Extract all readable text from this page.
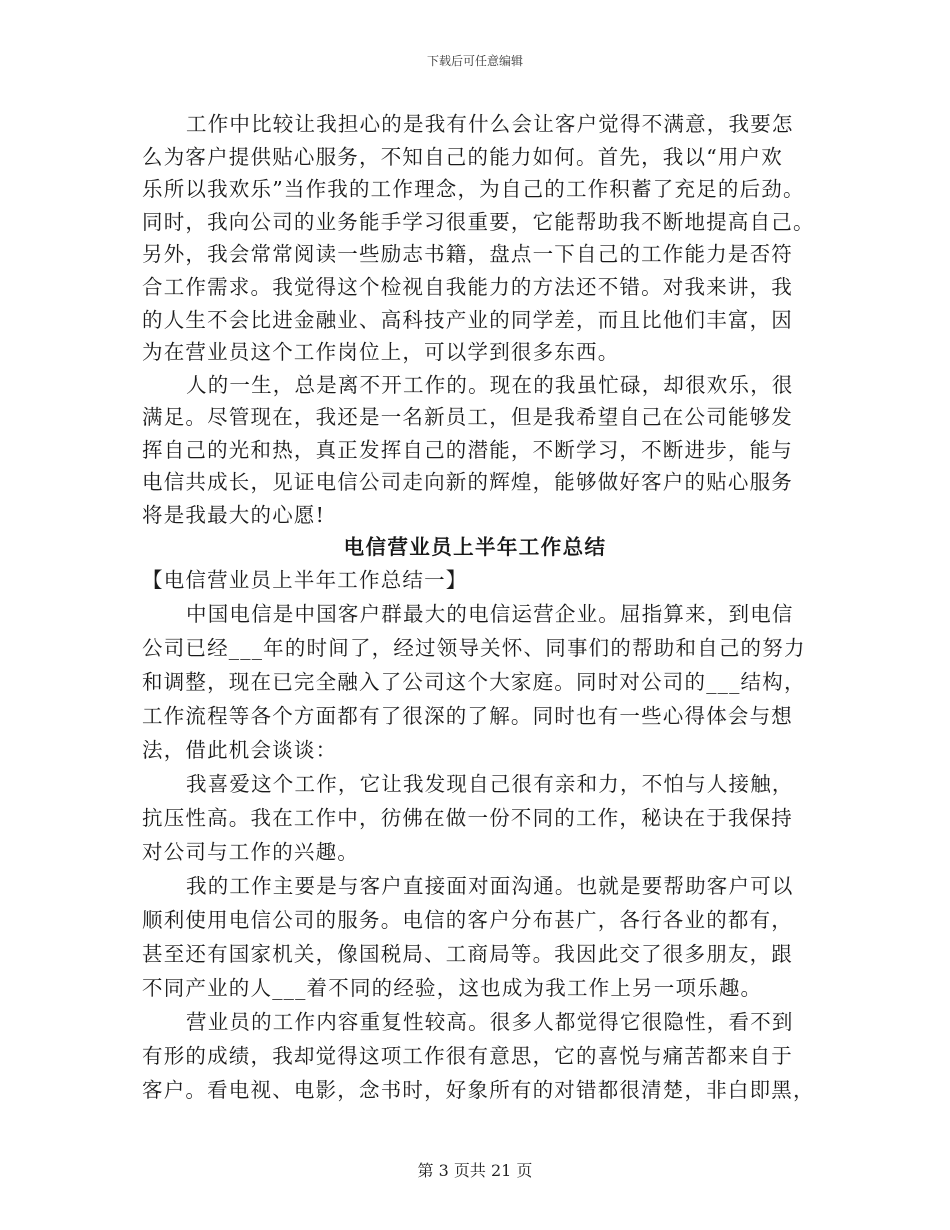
下载后可任意编辑
工作中比较让我担心的是我有什么会让客户觉得不满意，我要怎
么为客户提供贴心服务，不知自己的能力如何。首先，我以“用户欢
乐所以我欢乐”当作我的工作理念，为自己的工作积蓄了充足的后劲。
同时，我向公司的业务能手学习很重要，它能帮助我不断地提高自己。
另外，我会常常阅读一些励志书籍，盘点一下自己的工作能力是否符
合工作需求。我觉得这个检视自我能力的方法还不错。对我来讲，我
的人生不会比进金融业、高科技产业的同学差，而且比他们丰富，因
为在营业员这个工作岗位上，可以学到很多东西。
人的一生，总是离不开工作的。现在的我虽忙碌，却很欢乐，很
满足。尽管现在，我还是一名新员工，但是我希望自己在公司能够发
挥自己的光和热，真正发挥自己的潜能，不断学习，不断进步，能与
电信共成长，见证电信公司走向新的辉煌，能够做好客户的贴心服务
将是我最大的心愿!
电信营业员上半年工作总结
【电信营业员上半年工作总结一】
中国电信是中国客户群最大的电信运营企业。屈指算来，到电信
公司已经___年的时间了，经过领导关怀、同事们的帮助和自己的努力
和调整，现在已完全融入了公司这个大家庭。同时对公司的___结构，
工作流程等各个方面都有了很深的了解。同时也有一些心得体会与想
法，借此机会谈谈：
我喜爱这个工作，它让我发现自己很有亲和力，不怕与人接触，
抗压性高。我在工作中，彷佛在做一份不同的工作，秘诀在于我保持
对公司与工作的兴趣。
我的工作主要是与客户直接面对面沟通。也就是要帮助客户可以
顺利使用电信公司的服务。电信的客户分布甚广，各行各业的都有，
甚至还有国家机关，像国税局、工商局等。我因此交了很多朋友，跟
不同产业的人___着不同的经验，这也成为我工作上另一项乐趣。
营业员的工作内容重复性较高。很多人都觉得它很隐性，看不到
有形的成绩，我却觉得这项工作很有意思，它的喜悦与痛苦都来自于
客户。看电视、电影，念书时，好象所有的对错都很清楚，非白即黑，
第 3 页共 21 页
